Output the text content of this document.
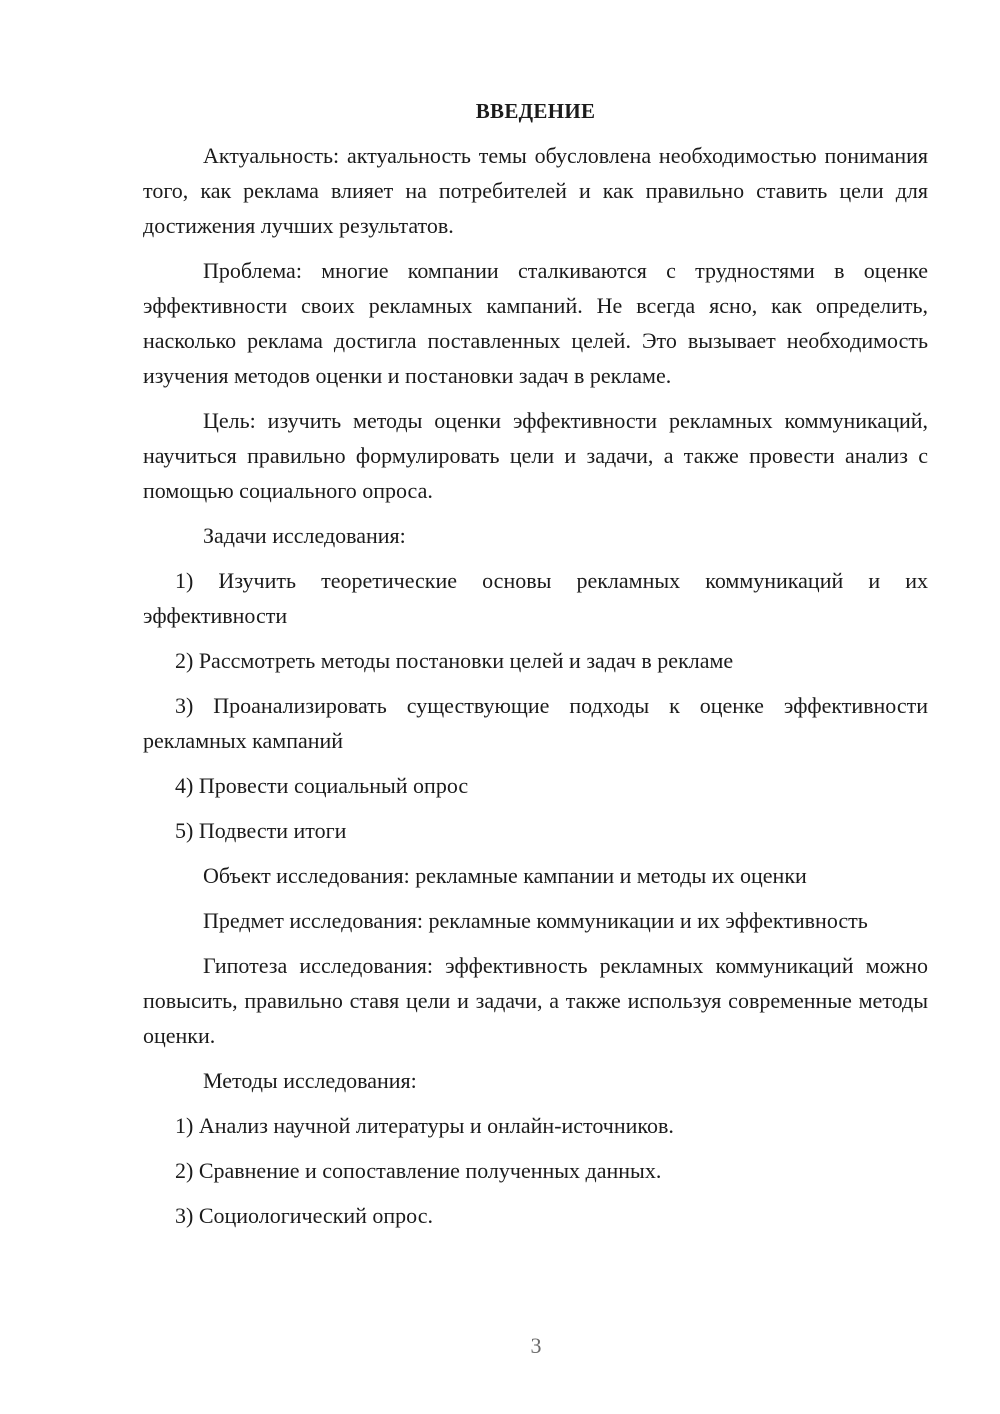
ВВЕДЕНИЕ

Актуальность: актуальность темы обусловлена необходимостью понимания того, как реклама влияет на потребителей и как правильно ставить цели для достижения лучших результатов.

Проблема: многие компании сталкиваются с трудностями в оценке эффективности своих рекламных кампаний. Не всегда ясно, как определить, насколько реклама достигла поставленных целей. Это вызывает необходимость изучения методов оценки и постановки задач в рекламе.

Цель: изучить методы оценки эффективности рекламных коммуникаций, научиться правильно формулировать цели и задачи, а также провести анализ с помощью социального опроса.

Задачи исследования:

1) Изучить теоретические основы рекламных коммуникаций и их эффективности

2) Рассмотреть методы постановки целей и задач в рекламе

3) Проанализировать существующие подходы к оценке эффективности рекламных кампаний

4) Провести социальный опрос

5) Подвести итоги

Объект исследования: рекламные кампании и методы их оценки

Предмет исследования: рекламные коммуникации и их эффективность

Гипотеза исследования: эффективность рекламных коммуникаций можно повысить, правильно ставя цели и задачи, а также используя современные методы оценки.

Методы исследования:

1) Анализ научной литературы и онлайн-источников.

2) Сравнение и сопоставление полученных данных.

3) Социологический опрос.

3
